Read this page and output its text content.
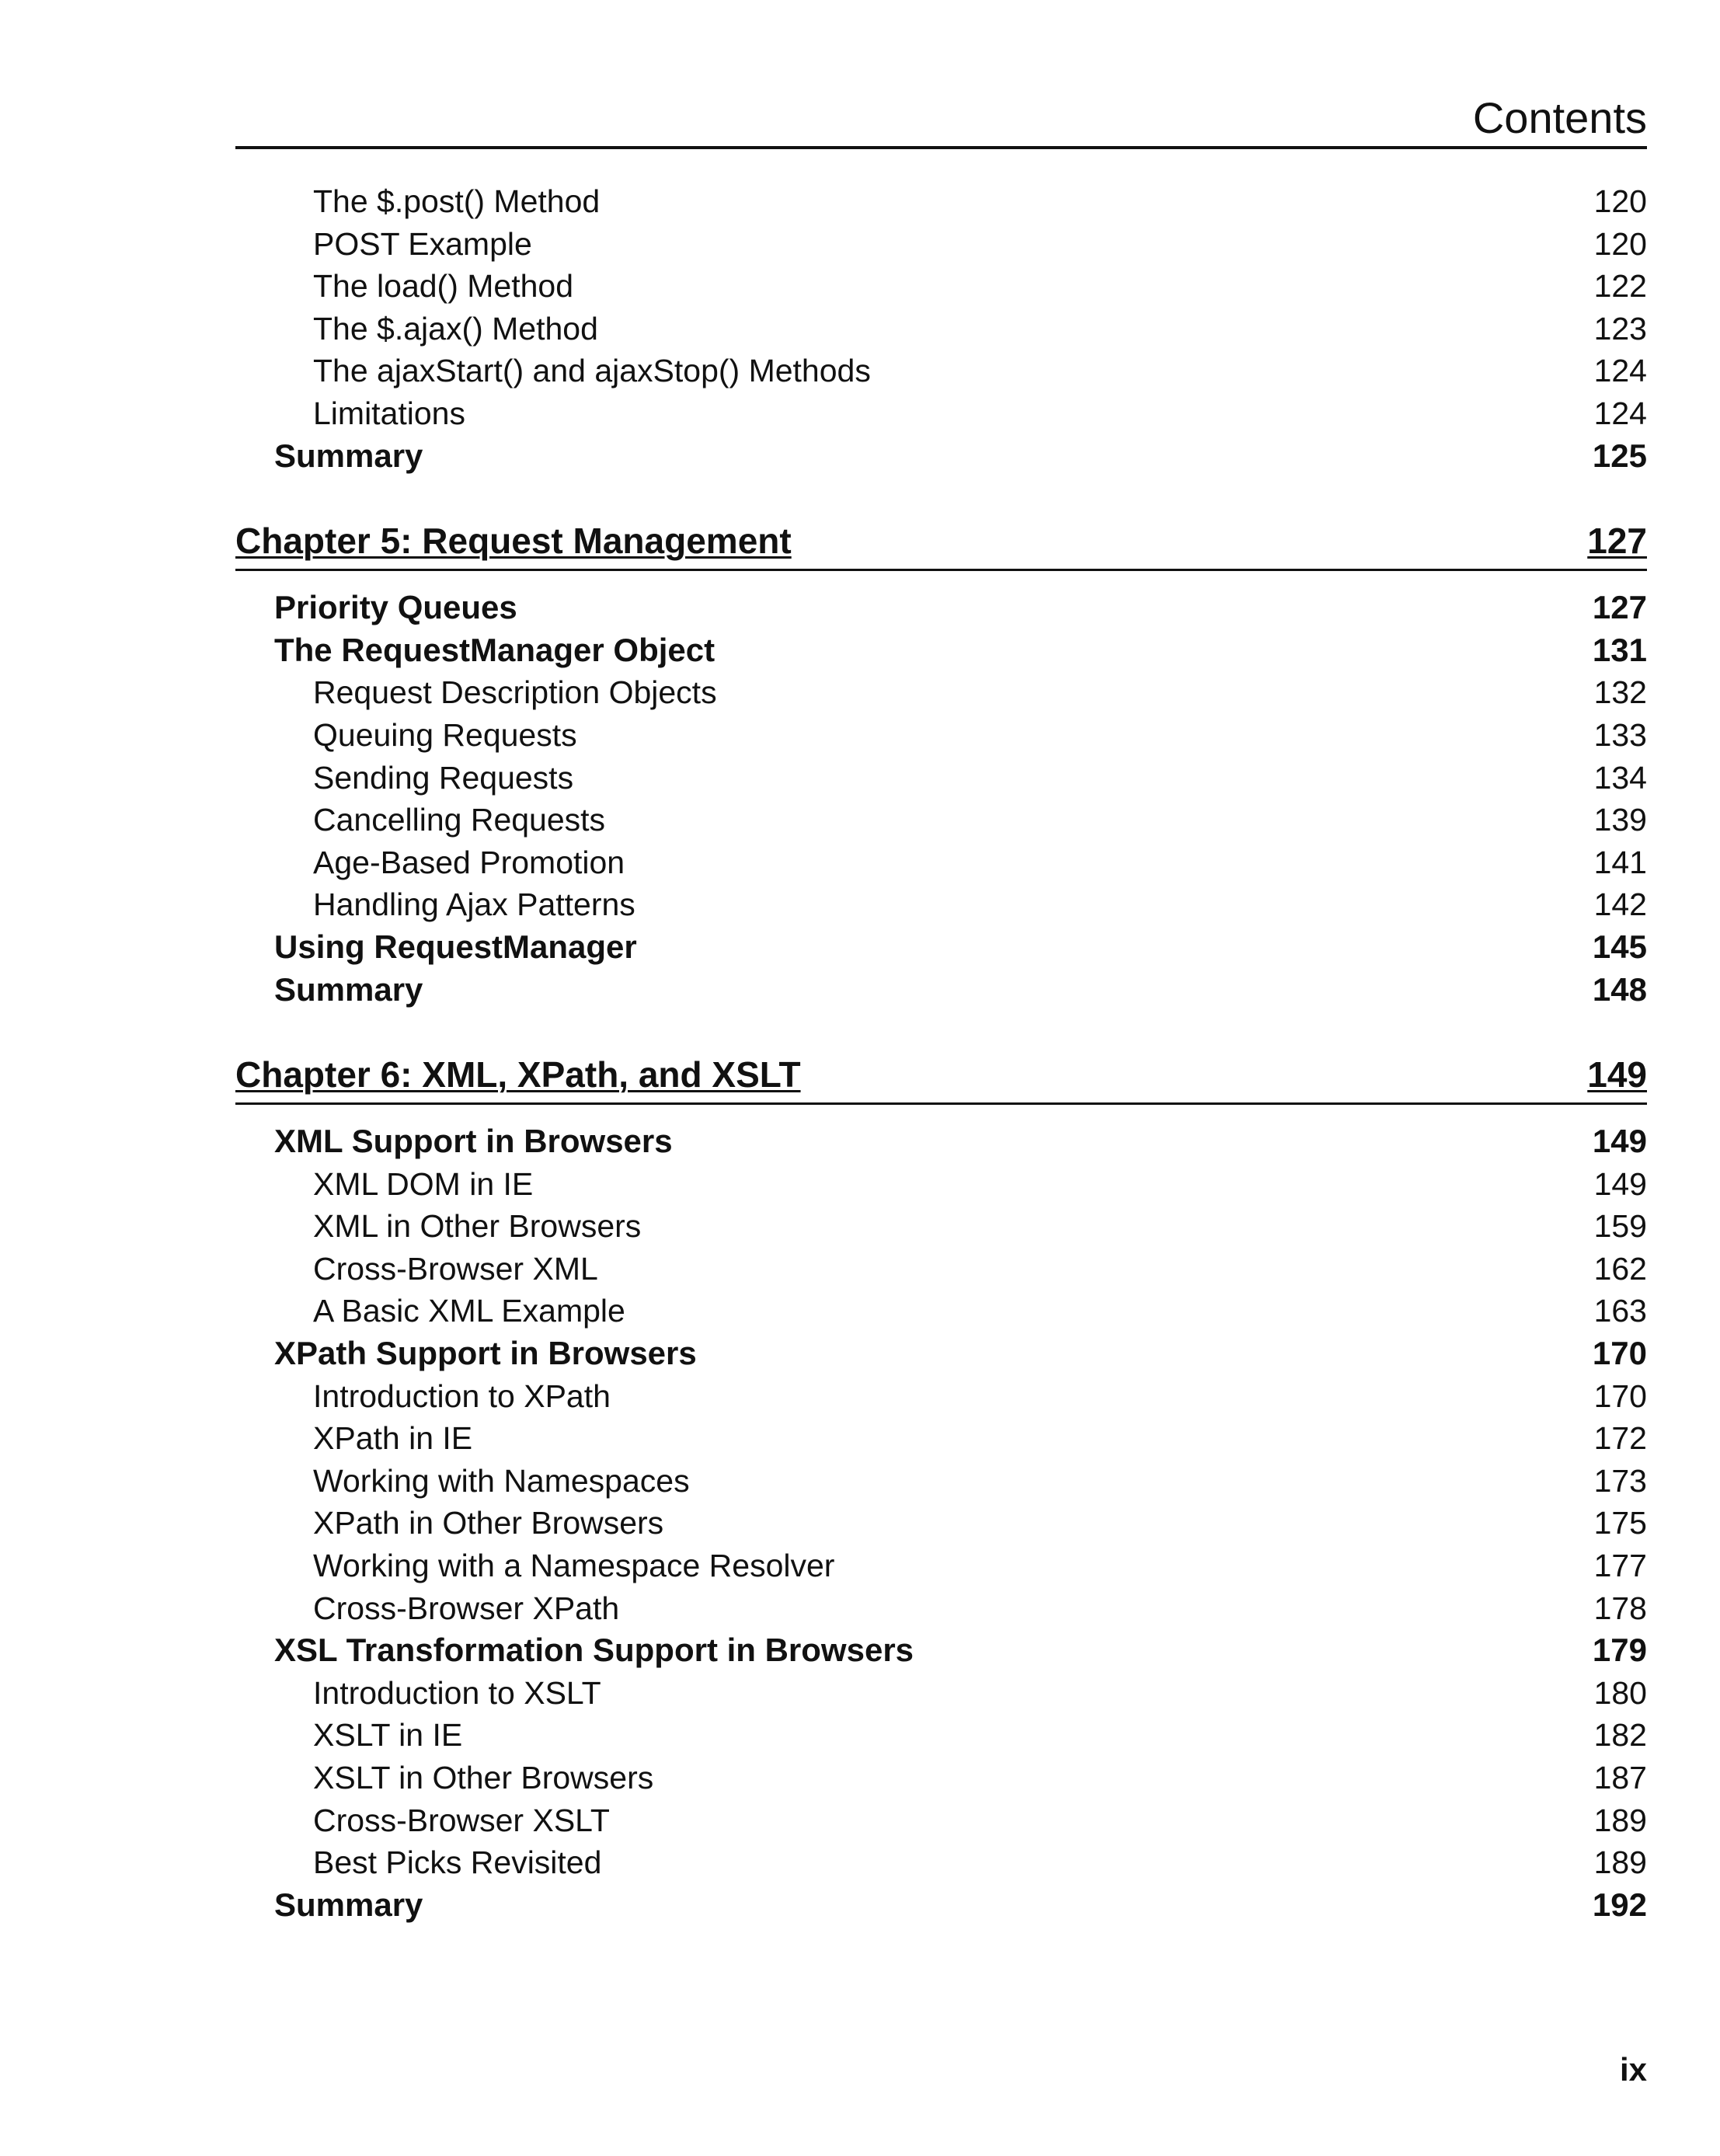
Contents
The $.post() Method	120
POST Example	120
The load() Method	122
The $.ajax() Method	123
The ajaxStart() and ajaxStop() Methods	124
Limitations	124
Summary	125
Chapter 5: Request Management	127
Priority Queues	127
The RequestManager Object	131
Request Description Objects	132
Queuing Requests	133
Sending Requests	134
Cancelling Requests	139
Age-Based Promotion	141
Handling Ajax Patterns	142
Using RequestManager	145
Summary	148
Chapter 6: XML, XPath, and XSLT	149
XML Support in Browsers	149
XML DOM in IE	149
XML in Other Browsers	159
Cross-Browser XML	162
A Basic XML Example	163
XPath Support in Browsers	170
Introduction to XPath	170
XPath in IE	172
Working with Namespaces	173
XPath in Other Browsers	175
Working with a Namespace Resolver	177
Cross-Browser XPath	178
XSL Transformation Support in Browsers	179
Introduction to XSLT	180
XSLT in IE	182
XSLT in Other Browsers	187
Cross-Browser XSLT	189
Best Picks Revisited	189
Summary	192
ix
